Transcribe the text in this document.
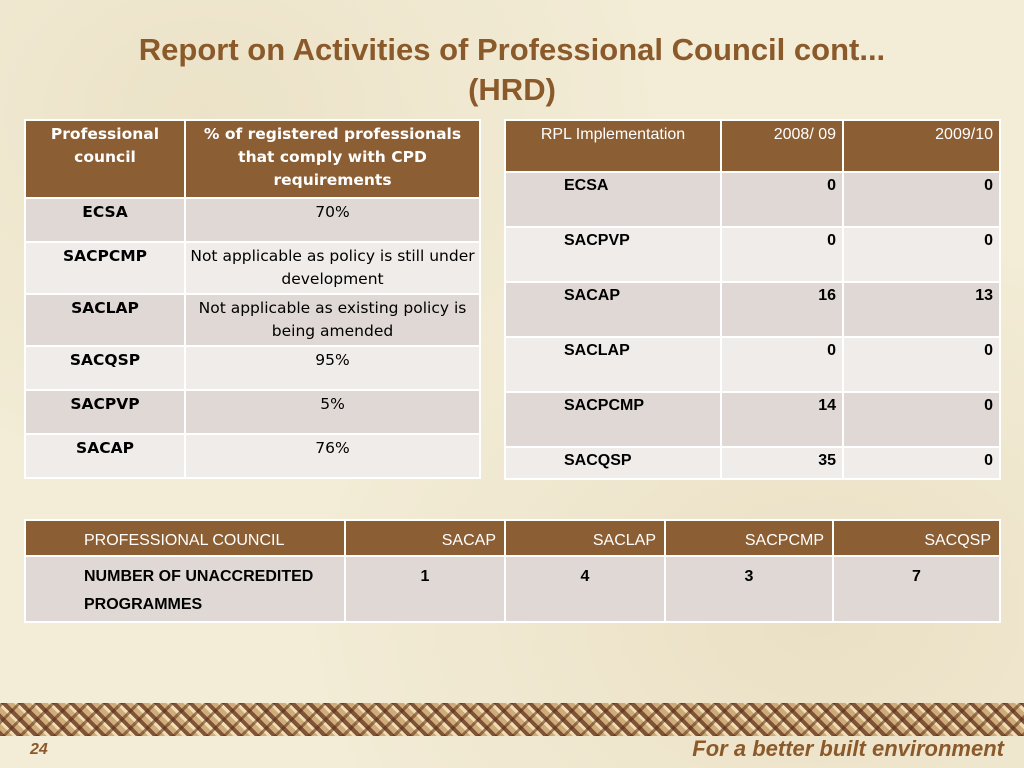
Report on Activities of Professional Council cont...
(HRD)
Professional council	% of registered professionals that comply with CPD requirements
ECSA	70%
SACPCMP	Not applicable as policy is still under development
SACLAP	Not applicable as existing policy is being amended
SACQSP	95%
SACPVP	5%
SACAP	76%
RPL Implementation	2008/ 09	2009/10
ECSA	0	0
SACPVP	0	0
SACAP	16	13
SACLAP	0	0
SACPCMP	14	0
SACQSP	35	0
PROFESSIONAL COUNCIL	SACAP	SACLAP	SACPCMP	SACQSP
NUMBER OF UNACCREDITED PROGRAMMES	1	4	3	7
24	For a better built environment
